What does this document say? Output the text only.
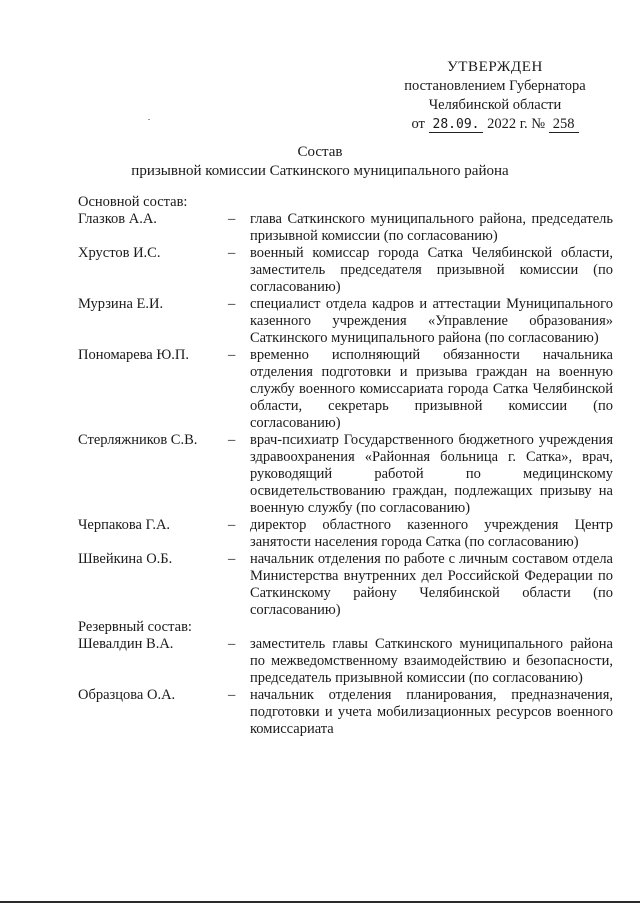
УТВЕРЖДЕН
постановлением Губернатора
Челябинской области
от 28.09. 2022 г. № 258
Состав
призывной комиссии Саткинского муниципального района
Основной состав:
Глазков А.А.	– глава Саткинского муниципального района, председатель призывной комиссии (по согласованию)
Хрустов И.С.	– военный комиссар города Сатка Челябинской области, заместитель председателя призывной комиссии (по согласованию)
Мурзина Е.И.	– специалист отдела кадров и аттестации Муниципального казенного учреждения «Управление образования» Саткинского муниципального района (по согласованию)
Пономарева Ю.П.	– временно исполняющий обязанности начальника отделения подготовки и призыва граждан на военную службу военного комиссариата города Сатка Челябинской области, секретарь призывной комиссии (по согласованию)
Стерляжников С.В. – врач-психиатр Государственного бюджетного учреждения здравоохранения «Районная больница г. Сатка», врач, руководящий работой по медицинскому освидетельствованию граждан, подлежащих призыву на военную службу (по согласованию)
Черпакова Г.А.	– директор областного казенного учреждения Центр занятости населения города Сатка (по согласованию)
Швейкина О.Б.	– начальник отделения по работе с личным составом отдела Министерства внутренних дел Российской Федерации по Саткинскому району Челябинской области (по согласованию)
Резервный состав:
Шевалдин В.А.	– заместитель главы Саткинского муниципального района по межведомственному взаимодействию и безопасности, председатель призывной комиссии (по согласованию)
Образцова О.А.	– начальник отделения планирования, предназначения, подготовки и учета мобилизационных ресурсов военного комиссариата
